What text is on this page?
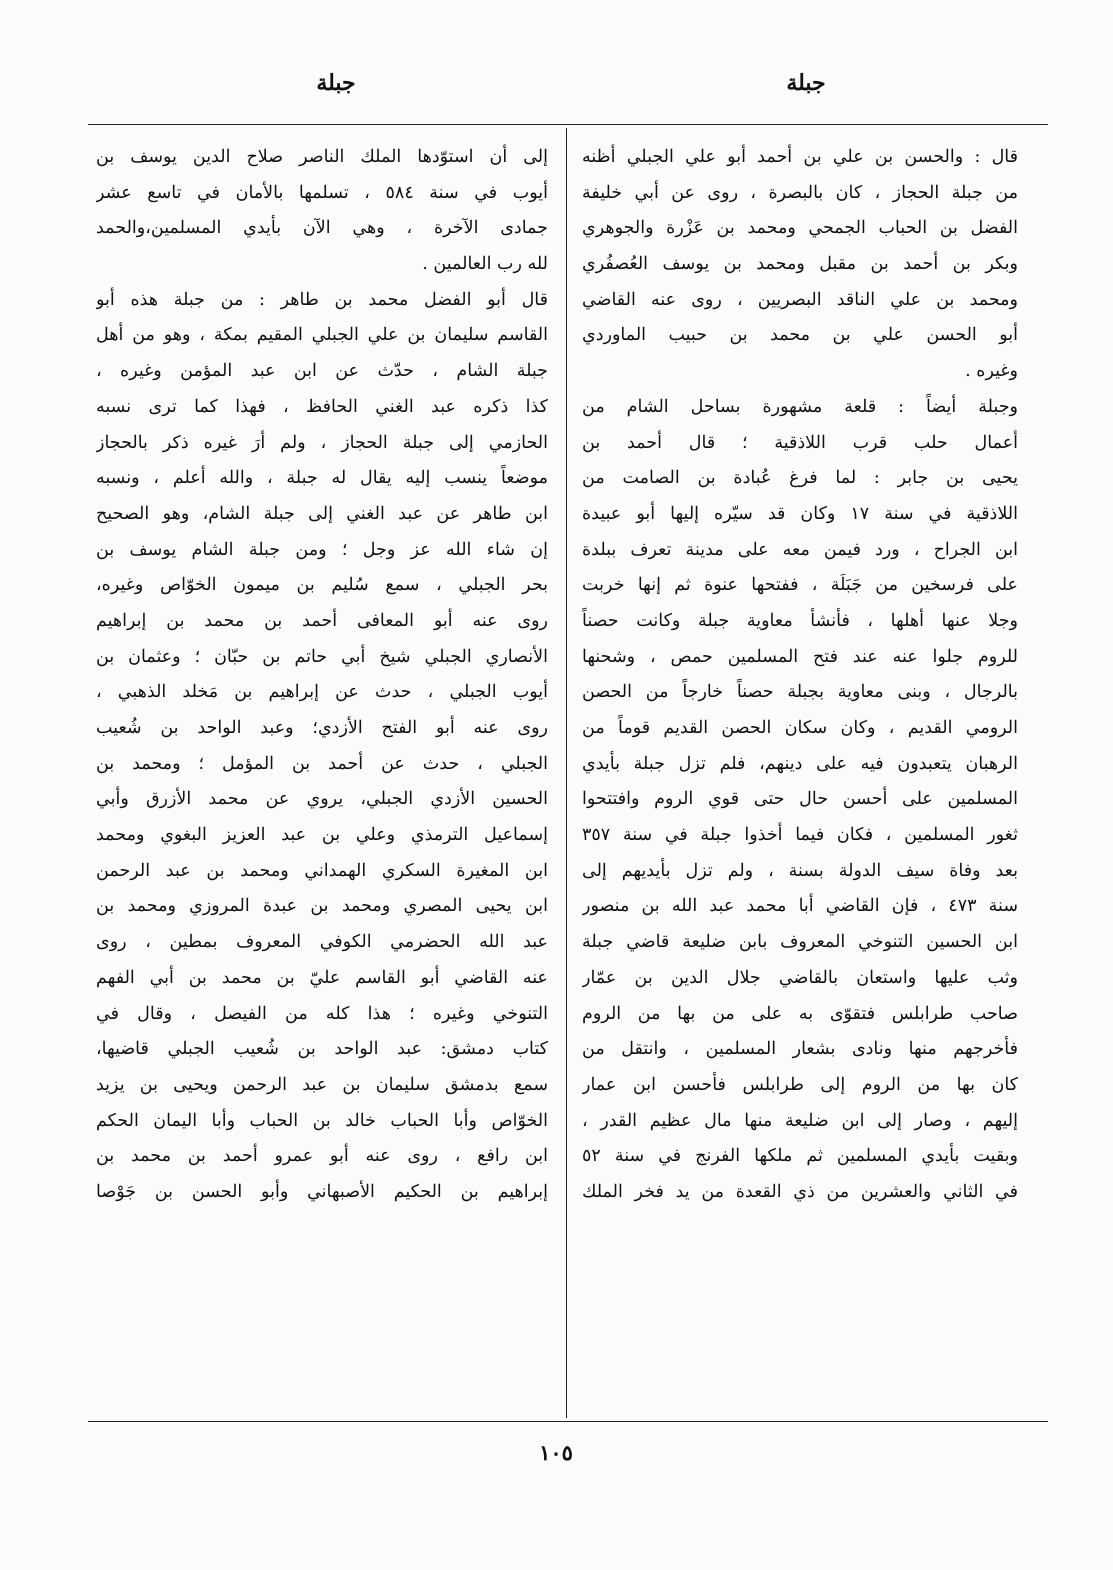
جبلة
جبلة
قال : والحسن بن علي بن أحمد أبو علي الجبلي أظنه
من جبلة الحجاز ، كان بالبصرة ، روى عن أبي خليفة
الفضل بن الحباب الجمحي ومحمد بن عَزْرة والجوهري
وبكر بن أحمد بن مقبل ومحمد بن يوسف العُصفُري
ومحمد بن علي الناقد البصريين ، روى عنه القاضي
أبو الحسن علي بن محمد بن حبيب الماوردي
وغيره .
وجبلة أيضاً : قلعة مشهورة بساحل الشام من
أعمال حلب قرب اللاذقية ؛ قال أحمد بن
يحيى بن جابر : لما فرغ عُبادة بن الصامت من
اللاذقية في سنة ١٧ وكان قد سيّره إليها أبو عبيدة
ابن الجراح ، ورد فيمن معه على مدينة تعرف ببلدة
على فرسخين من جَبَلَة ، ففتحها عنوة ثم إنها خربت
وجلا عنها أهلها ، فأنشأ معاوية جبلة وكانت حصناً
للروم جلوا عنه عند فتح المسلمين حمص ، وشحنها
بالرجال ، وبنى معاوية بجبلة حصناً خارجاً من الحصن
الرومي القديم ، وكان سكان الحصن القديم قوماً من
الرهبان يتعبدون فيه على دينهم، فلم تزل جبلة بأيدي
المسلمين على أحسن حال حتى قوي الروم وافتتحوا
ثغور المسلمين ، فكان فيما أخذوا جبلة في سنة ٣٥٧
بعد وفاة سيف الدولة بسنة ، ولم تزل بأيديهم إلى
سنة ٤٧٣ ، فإن القاضي أبا محمد عبد الله بن منصور
ابن الحسين التنوخي المعروف بابن ضليعة قاضي جبلة
وثب عليها واستعان بالقاضي جلال الدين بن عمّار
صاحب طرابلس فتقوّى به على من بها من الروم
فأخرجهم منها ونادى بشعار المسلمين ، وانتقل من
كان بها من الروم إلى طرابلس فأحسن ابن عمار
إليهم ، وصار إلى ابن ضليعة منها مال عظيم القدر ،
وبقيت بأيدي المسلمين ثم ملكها الفرنج في سنة ٥٢
في الثاني والعشرين من ذي القعدة من يد فخر الملك
إلى أن استوّدها الملك الناصر صلاح الدين يوسف بن
أيوب في سنة ٥٨٤ ، تسلمها بالأمان في تاسع عشر
جمادى الآخرة ، وهي الآن بأيدي المسلمين،والحمد
لله رب العالمين .
قال أبو الفضل محمد بن طاهر : من جبلة هذه أبو
القاسم سليمان بن علي الجبلي المقيم بمكة ، وهو من أهل
جبلة الشام ، حدّث عن ابن عبد المؤمن وغيره ،
كذا ذكره عبد الغني الحافظ ، فهذا كما ترى نسبه
الحازمي إلى جبلة الحجاز ، ولم أرَ غيره ذكر بالحجاز
موضعاً ينسب إليه يقال له جبلة ، والله أعلم ، ونسبه
ابن طاهر عن عبد الغني إلى جبلة الشام، وهو الصحيح
إن شاء الله عز وجل ؛ ومن جبلة الشام يوسف بن
بحر الجبلي ، سمع سُليم بن ميمون الخوّاص وغيره،
روى عنه أبو المعافى أحمد بن محمد بن إبراهيم
الأنصاري الجبلي شيخ أبي حاتم بن حبّان ؛ وعثمان بن
أيوب الجبلي ، حدث عن إبراهيم بن مَخلد الذهبي ،
روى عنه أبو الفتح الأزدي؛ وعبد الواحد بن شُعيب
الجبلي ، حدث عن أحمد بن المؤمل ؛ ومحمد بن
الحسين الأزدي الجبلي، يروي عن محمد الأزرق وأبي
إسماعيل الترمذي وعلي بن عبد العزيز البغوي ومحمد
ابن المغيرة السكري الهمداني ومحمد بن عبد الرحمن
ابن يحيى المصري ومحمد بن عبدة المروزي ومحمد بن
عبد الله الحضرمي الكوفي المعروف بمطين ، روى
عنه القاضي أبو القاسم عليّ بن محمد بن أبي الفهم
التنوخي وغيره ؛ هذا كله من الفيصل ، وقال في
كتاب دمشق: عبد الواحد بن شُعيب الجبلي قاضيها،
سمع بدمشق سليمان بن عبد الرحمن ويحيى بن يزيد
الخوّاص وأبا الحباب خالد بن الحباب وأبا اليمان الحكم
ابن رافع ، روى عنه أبو عمرو أحمد بن محمد بن
إبراهيم بن الحكيم الأصبهاني وأبو الحسن بن جَوْصا
١٠٥
